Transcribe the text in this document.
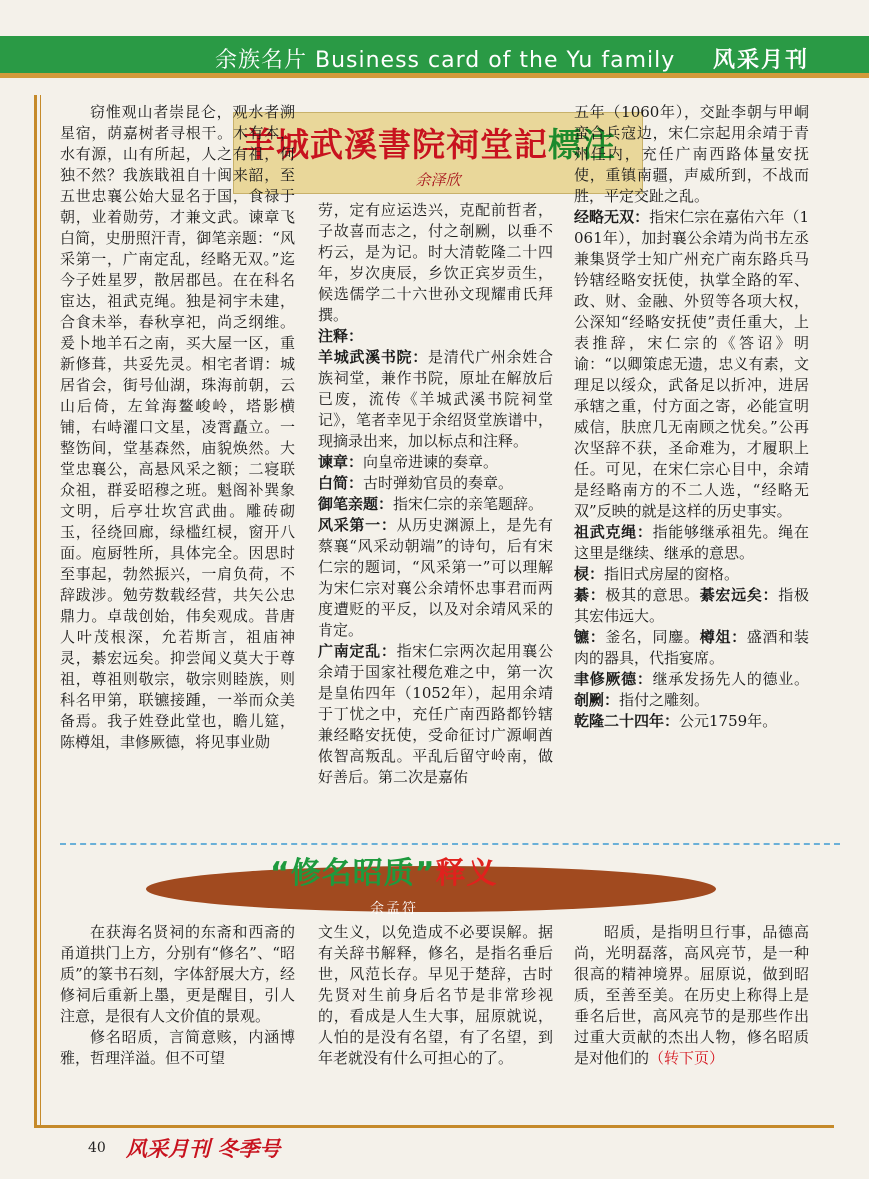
余族名片 Business card of the Yu family 风采月刊
羊城武溪書院祠堂記標注
余泽欣

窃惟观山者崇昆仑，观水者溯星宿，荫嘉树者寻根干。木有本，水有源，山有所起，人之有祖，何独不然？我族戢祖自十闽来韶，至五世忠襄公始大显名于国，食禄于朝，业着勋劳，才兼文武。谏章飞白简，史册照汗青，御笔亲题：“风采第一，广南定乱，经略无双。”迄今子姓星罗，散居郡邑。在在科名宦达，祖武克绳。独是祠宇未建，合食未举，春秋享祀，尚乏纲维。爰卜地羊石之南，买大屋一区，重新修葺，共妥先灵。相宅者谓：城居省会，街号仙湖，珠海前朝，云山后倚，左耸海鳌峻岭，塔影横铺，右峙濯口文星，凌霄矗立。一整饬间，堂基森然，庙貌焕然。大堂忠襄公，高悬风采之额；二寝联众祖，群妥昭穆之班。魁阁补巽象文明，后亭壮坎宫武曲。雕砖砌玉，径绕回廊，绿槛红棂，窗开八面。庖厨牲所，具体完全。因思时至事起，勃然振兴，一肩负荷，不辞跋涉。勉劳数载经营，共矢公忠鼎力。卓哉创始，伟矣观成。昔唐人叶茂根深，允若斯言，祖庙神灵，綦宏远矣。抑尝闻义莫大于尊祖，尊祖则敬宗，敬宗则睦族，则科名甲第，联镳接踵，一举而众美备焉。我子姓登此堂也，瞻儿筵，陈樽俎，聿修厥德，将见事业勋

劳，定有应运迭兴，克配前哲者，子故喜而志之，付之剞劂，以垂不朽云，是为记。时大清乾隆二十四年，岁次庚辰，乡饮正宾岁贡生，候选儒学二十六世孙文现耀甫氏拜撰。

注释：

羊城武溪书院：是清代广州余姓合族祠堂，兼作书院，原址在解放后已废，流传《羊城武溪书院祠堂记》，笔者幸见于余绍贤堂族谱中，现摘录出来，加以标点和注释。

谏章：向皇帝进谏的奏章。

白简：古时弹劾官员的奏章。

御笔亲题：指宋仁宗的亲笔题辞。

风采第一：从历史渊源上，是先有蔡襄“风采动朝端”的诗句，后有宋仁宗的题词，“风采第一”可以理解为宋仁宗对襄公余靖怀忠事君而两度遭贬的平反，以及对余靖风采的肯定。

广南定乱：指宋仁宗两次起用襄公余靖于国家社稷危难之中，第一次是皇佑四年（1052年），起用余靖于丁忧之中，充任广南西路都钤辖兼经略安抚使，受命征讨广源峒酋侬智高叛乱。平乱后留守岭南，做好善后。第二次是嘉佑

五年（1060年），交趾李朝与甲峒蛮合兵寇边，宋仁宗起用余靖于青州任内，充任广南西路体量安抚使，重镇南疆，声威所到，不战而胜，平定交趾之乱。

经略无双：指宋仁宗在嘉佑六年（1061年），加封襄公余靖为尚书左丞兼集贤学士知广州充广南东路兵马钤辖经略安抚使，执掌全路的军、政、财、金融、外贸等各项大权，公深知“经略安抚使”责任重大，上表推辞，宋仁宗的《答诏》明谕：“以卿策虑无遗，忠义有素，文理足以绥众，武备足以折冲，进居承辖之重，付方面之寄，必能宣明威信，肤庶几无南顾之忧矣。”公再次坚辞不获，圣命难为，才履职上任。可见，在宋仁宗心目中，余靖是经略南方的不二人选，“经略无双”反映的就是这样的历史事实。

祖武克绳：指能够继承祖先。绳在这里是继续、继承的意思。

棂：指旧式房屋的窗格。

綦：极其的意思。綦宏远矣：指极其宏伟远大。

镳：釜名，同鏖。樽俎：盛酒和装肉的器具，代指宴席。

聿修厥德：继承发扬先人的德业。剞劂：指付之雕刻。

乾隆二十四年：公元1759年。

“修名昭质”释义
余孟符

在获海名贤祠的东斋和西斋的甬道拱门上方，分别有“修名”、“昭质”的篆书石刻，字体舒展大方，经修祠后重新上墨，更是醒目，引人注意，是很有人文价值的景观。

修名昭质，言简意赅，内涵博雅，哲理洋溢。但不可望

文生义，以免造成不必要误解。据有关辞书解释，修名，是指名垂后世，风范长存。早见于楚辞，古时先贤对生前身后名节是非常珍视的，看成是人生大事，屈原就说，人怕的是没有名望，有了名望，到年老就没有什么可担心的了。

昭质，是指明旦行事，品德高尚，光明磊落，高风亮节，是一种很高的精神境界。屈原说，做到昭质，至善至美。在历史上称得上是垂名后世，高风亮节的是那些作出过重大贡献的杰出人物，修名昭质是对他们的（转下页）

40 风采月刊 冬季号
